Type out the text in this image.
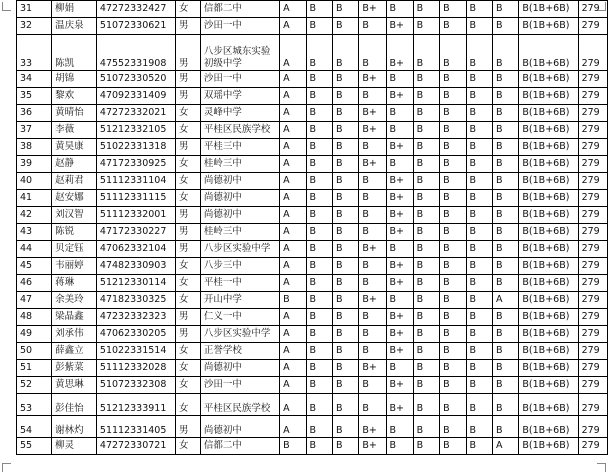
31	柳娟	47272332427	女	信都二中	A	B	B	B+	B	B	B	B	B	B(1B+6B)	279
32	温庆泉	51072330621	男	沙田一中	A	B	B	B	B+	B	B	B	B	B(1B+6B)	279
33	陈凯	47552331908	男	八步区城东实验初级中学	A	B	B	B	B+	B	B	B	B	B(1B+6B)	279
34	胡锦	51072330520	男	沙田一中	A	B	B	B+	B	B	B	B	B	B(1B+6B)	279
35	黎欢	47092331409	男	双瑶中学	A	B	B	B	B+	B	B	B	B	B(1B+6B)	279
36	黄晴怡	47272332021	女	灵峰中学	A	B	B	B+	B	B	B	B	B	B(1B+6B)	279
37	李薇	51212332105	女	平桂区民族学校	A	B	B	B+	B	B	B	B	B	B(1B+6B)	279
38	黄昊康	51022331318	男	平桂三中	A	B	B	B	B+	B	B	B	B	B(1B+6B)	279
39	赵静	47172330925	女	桂岭三中	A	B	B	B+	B	B	B	B	B	B(1B+6B)	279
40	赵莉君	51112331104	女	尚德初中	A	B	B	B	B+	B	B	B	B	B(1B+6B)	279
41	赵安娜	51112331115	女	尚德初中	A	B	B	B	B+	B	B	B	B	B(1B+6B)	279
42	刘汉智	51112332001	男	尚德初中	A	B	B	B	B+	B	B	B	B	B(1B+6B)	279
43	陈锐	47172330227	男	桂岭三中	A	B	B	B	B+	B	B	B	B	B(1B+6B)	279
44	贝定钰	47062332104	男	八步区实验中学	A	B	B	B+	B	B	B	B	B	B(1B+6B)	279
45	韦丽婷	47482330903	女	八步三中	A	B	B	B	B+	B	B	B	B	B(1B+6B)	279
46	蒋琳	51212330114	女	平桂一中	A	B	B	B	B+	B	B	B	B	B(1B+6B)	279
47	余美玲	47182330325	女	开山中学	B	B	B	B+	B	B	B	B	A	B(1B+6B)	279
48	梁晶鑫	47232332323	男	仁义一中	A	B	B	B	B+	B	B	B	B	B(1B+6B)	279
49	刘承伟	47062330205	男	八步区实验中学	A	B	B	B	B+	B	B	B	B	B(1B+6B)	279
50	薛鑫立	51022331514	女	正誉学校	A	B	B	B	B+	B	B	B	B	B(1B+6B)	279
51	彭紫菜	51112332028	女	尚德初中	A	B	B	B+	B	B	B	B	B	B(1B+6B)	279
52	黄思琳	51072332308	女	沙田一中	A	B	B	B	B+	B	B	B	B	B(1B+6B)	279
53	彭佳怡	51212333911	女	平桂区民族学校	A	B	B	B	B+	B	B	B	B	B(1B+6B)	279
54	谢林灼	51112331405	男	尚德初中	A	B	B	B+	B	B	B	B	B	B(1B+6B)	279
55	柳灵	47272330721	女	信都二中	B	B	B	B+	B	B	B	B	A	B(1B+6B)	279
